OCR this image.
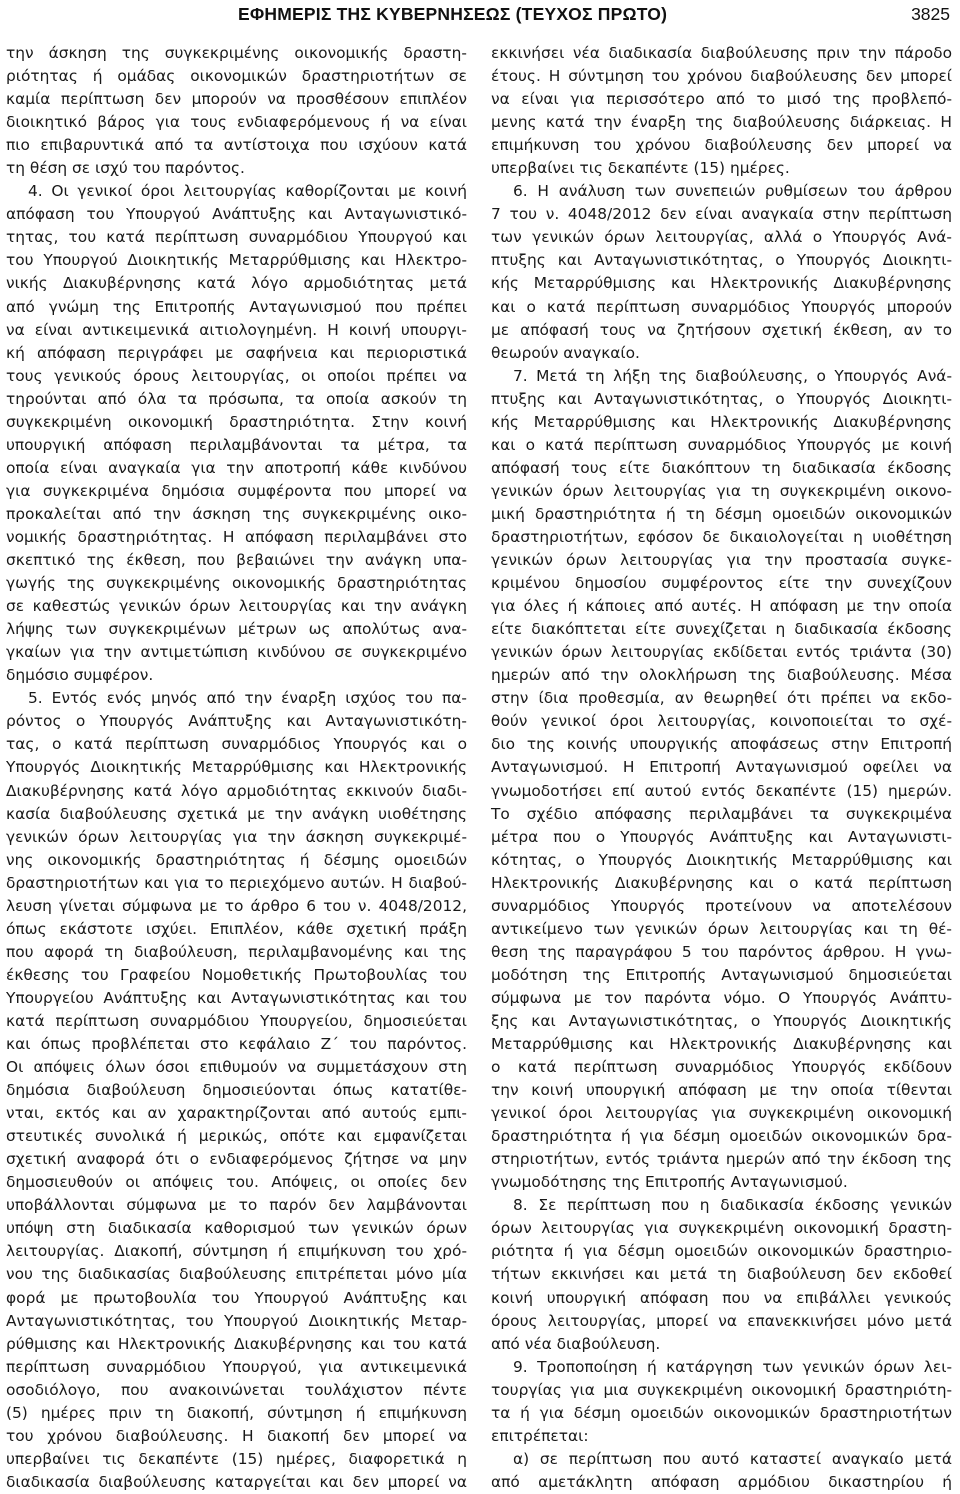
ΕΦΗΜΕΡΙΣ ΤΗΣ ΚΥΒΕΡΝΗΣΕΩΣ (ΤΕΥΧΟΣ ΠΡΩΤΟ)	3825
την άσκηση της συγκεκριμένης οικονομικής δραστη-
ριότητας ή ομάδας οικονομικών δραστηριοτήτων σε
καμία περίπτωση δεν μπορούν να προσθέσουν επιπλέον
διοικητικό βάρος για τους ενδιαφερόμενους ή να είναι
πιο επιβαρυντικά από τα αντίστοιχα που ισχύουν κατά
τη θέση σε ισχύ του παρόντος.
4. Οι γενικοί όροι λειτουργίας καθορίζονται με κοινή
απόφαση του Υπουργού Ανάπτυξης και Ανταγωνιστικό-
τητας, του κατά περίπτωση συναρμόδιου Υπουργού και
του Υπουργού Διοικητικής Μεταρρύθμισης και Ηλεκτρο-
νικής Διακυβέρνησης κατά λόγο αρμοδιότητας μετά
από γνώμη της Επιτροπής Ανταγωνισμού που πρέπει
να είναι αντικειμενικά αιτιολογημένη. Η κοινή υπουργι-
κή απόφαση περιγράφει με σαφήνεια και περιοριστικά
τους γενικούς όρους λειτουργίας, οι οποίοι πρέπει να
τηρούνται από όλα τα πρόσωπα, τα οποία ασκούν τη
συγκεκριμένη οικονομική δραστηριότητα. Στην κοινή
υπουργική απόφαση περιλαμβάνονται τα μέτρα, τα
οποία είναι αναγκαία για την αποτροπή κάθε κινδύνου
για συγκεκριμένα δημόσια συμφέροντα που μπορεί να
προκαλείται από την άσκηση της συγκεκριμένης οικο-
νομικής δραστηριότητας. Η απόφαση περιλαμβάνει στο
σκεπτικό της έκθεση, που βεβαιώνει την ανάγκη υπα-
γωγής της συγκεκριμένης οικονομικής δραστηριότητας
σε καθεστώς γενικών όρων λειτουργίας και την ανάγκη
λήψης των συγκεκριμένων μέτρων ως απολύτως ανα-
γκαίων για την αντιμετώπιση κινδύνου σε συγκεκριμένο
δημόσιο συμφέρον.
5. Εντός ενός μηνός από την έναρξη ισχύος του πα-
ρόντος ο Υπουργός Ανάπτυξης και Ανταγωνιστικότη-
τας, ο κατά περίπτωση συναρμόδιος Υπουργός και ο
Υπουργός Διοικητικής Μεταρρύθμισης και Ηλεκτρονικής
Διακυβέρνησης κατά λόγο αρμοδιότητας εκκινούν διαδι-
κασία διαβούλευσης σχετικά με την ανάγκη υιοθέτησης
γενικών όρων λειτουργίας για την άσκηση συγκεκριμέ-
νης οικονομικής δραστηριότητας ή δέσμης ομοειδών
δραστηριοτήτων και για το περιεχόμενο αυτών. Η διαβού-
λευση γίνεται σύμφωνα με το άρθρο 6 του ν. 4048/2012,
όπως εκάστοτε ισχύει. Επιπλέον, κάθε σχετική πράξη
που αφορά τη διαβούλευση, περιλαμβανομένης και της
έκθεσης του Γραφείου Νομοθετικής Πρωτοβουλίας του
Υπουργείου Ανάπτυξης και Ανταγωνιστικότητας και του
κατά περίπτωση συναρμόδιου Υπουργείου, δημοσιεύεται
και όπως προβλέπεται στο κεφάλαιο Ζ΄ του παρόντος.
Οι απόψεις όλων όσοι επιθυμούν να συμμετάσχουν στη
δημόσια διαβούλευση δημοσιεύονται όπως κατατίθε-
νται, εκτός και αν χαρακτηρίζονται από αυτούς εμπι-
στευτικές συνολικά ή μερικώς, οπότε και εμφανίζεται
σχετική αναφορά ότι ο ενδιαφερόμενος ζήτησε να μην
δημοσιευθούν οι απόψεις του. Απόψεις, οι οποίες δεν
υποβάλλονται σύμφωνα με το παρόν δεν λαμβάνονται
υπόψη στη διαδικασία καθορισμού των γενικών όρων
λειτουργίας. Διακοπή, σύντμηση ή επιμήκυνση του χρό-
νου της διαδικασίας διαβούλευσης επιτρέπεται μόνο μία
φορά με πρωτοβουλία του Υπουργού Ανάπτυξης και
Ανταγωνιστικότητας, του Υπουργού Διοικητικής Μεταρ-
ρύθμισης και Ηλεκτρονικής Διακυβέρνησης και του κατά
περίπτωση συναρμόδιου Υπουργού, για αντικειμενικά
οσοδιόλογο, που ανακοινώνεται τουλάχιστον πέντε
(5) ημέρες πριν τη διακοπή, σύντμηση ή επιμήκυνση
του χρόνου διαβούλευσης. Η διακοπή δεν μπορεί να
υπερβαίνει τις δεκαπέντε (15) ημέρες, διαφορετικά η
διαδικασία διαβούλευσης καταργείται και δεν μπορεί να
εκκινήσει νέα διαδικασία διαβούλευσης πριν την πάροδο
έτους. Η σύντμηση του χρόνου διαβούλευσης δεν μπορεί
να είναι για περισσότερο από το μισό της προβλεπό-
μενης κατά την έναρξη της διαβούλευσης διάρκειας. Η
επιμήκυνση του χρόνου διαβούλευσης δεν μπορεί να
υπερβαίνει τις δεκαπέντε (15) ημέρες.
6. Η ανάλυση των συνεπειών ρυθμίσεων του άρθρου
7 του ν. 4048/2012 δεν είναι αναγκαία στην περίπτωση
των γενικών όρων λειτουργίας, αλλά ο Υπουργός Ανά-
πτυξης και Ανταγωνιστικότητας, ο Υπουργός Διοικητι-
κής Μεταρρύθμισης και Ηλεκτρονικής Διακυβέρνησης
και ο κατά περίπτωση συναρμόδιος Υπουργός μπορούν
με απόφασή τους να ζητήσουν σχετική έκθεση, αν το
θεωρούν αναγκαίο.
7. Μετά τη λήξη της διαβούλευσης, ο Υπουργός Ανά-
πτυξης και Ανταγωνιστικότητας, ο Υπουργός Διοικητι-
κής Μεταρρύθμισης και Ηλεκτρονικής Διακυβέρνησης
και ο κατά περίπτωση συναρμόδιος Υπουργός με κοινή
απόφασή τους είτε διακόπτουν τη διαδικασία έκδοσης
γενικών όρων λειτουργίας για τη συγκεκριμένη οικονο-
μική δραστηριότητα ή τη δέσμη ομοειδών οικονομικών
δραστηριοτήτων, εφόσον δε δικαιολογείται η υιοθέτηση
γενικών όρων λειτουργίας για την προστασία συγκε-
κριμένου δημοσίου συμφέροντος είτε την συνεχίζουν
για όλες ή κάποιες από αυτές. Η απόφαση με την οποία
είτε διακόπτεται είτε συνεχίζεται η διαδικασία έκδοσης
γενικών όρων λειτουργίας εκδίδεται εντός τριάντα (30)
ημερών από την ολοκλήρωση της διαβούλευσης. Μέσα
στην ίδια προθεσμία, αν θεωρηθεί ότι πρέπει να εκδο-
θούν γενικοί όροι λειτουργίας, κοινοποιείται το σχέ-
διο της κοινής υπουργικής αποφάσεως στην Επιτροπή
Ανταγωνισμού. Η Επιτροπή Ανταγωνισμού οφείλει να
γνωμοδοτήσει επί αυτού εντός δεκαπέντε (15) ημερών.
Το σχέδιο απόφασης περιλαμβάνει τα συγκεκριμένα
μέτρα που ο Υπουργός Ανάπτυξης και Ανταγωνιστι-
κότητας, ο Υπουργός Διοικητικής Μεταρρύθμισης και
Ηλεκτρονικής Διακυβέρνησης και ο κατά περίπτωση
συναρμόδιος Υπουργός προτείνουν να αποτελέσουν
αντικείμενο των γενικών όρων λειτουργίας και τη θέ-
θεση της παραγράφου 5 του παρόντος άρθρου. Η γνω-
μοδότηση της Επιτροπής Ανταγωνισμού δημοσιεύεται
σύμφωνα με τον παρόντα νόμο. Ο Υπουργός Ανάπτυ-
ξης και Ανταγωνιστικότητας, ο Υπουργός Διοικητικής
Μεταρρύθμισης και Ηλεκτρονικής Διακυβέρνησης και
ο κατά περίπτωση συναρμόδιος Υπουργός εκδίδουν
την κοινή υπουργική απόφαση με την οποία τίθενται
γενικοί όροι λειτουργίας για συγκεκριμένη οικονομική
δραστηριότητα ή για δέσμη ομοειδών οικονομικών δρα-
στηριοτήτων, εντός τριάντα ημερών από την έκδοση της
γνωμοδότησης της Επιτροπής Ανταγωνισμού.
8. Σε περίπτωση που η διαδικασία έκδοσης γενικών
όρων λειτουργίας για συγκεκριμένη οικονομική δραστη-
ριότητα ή για δέσμη ομοειδών οικονομικών δραστηριο-
τήτων εκκινήσει και μετά τη διαβούλευση δεν εκδοθεί
κοινή υπουργική απόφαση που να επιβάλλει γενικούς
όρους λειτουργίας, μπορεί να επανεκκινήσει μόνο μετά
από νέα διαβούλευση.
9. Τροποποίηση ή κατάργηση των γενικών όρων λει-
τουργίας για μια συγκεκριμένη οικονομική δραστηριότη-
τα ή για δέσμη ομοειδών οικονομικών δραστηριοτήτων
επιτρέπεται:
α) σε περίπτωση που αυτό καταστεί αναγκαίο μετά
από αμετάκλητη απόφαση αρμόδιου δικαστηρίου ή
